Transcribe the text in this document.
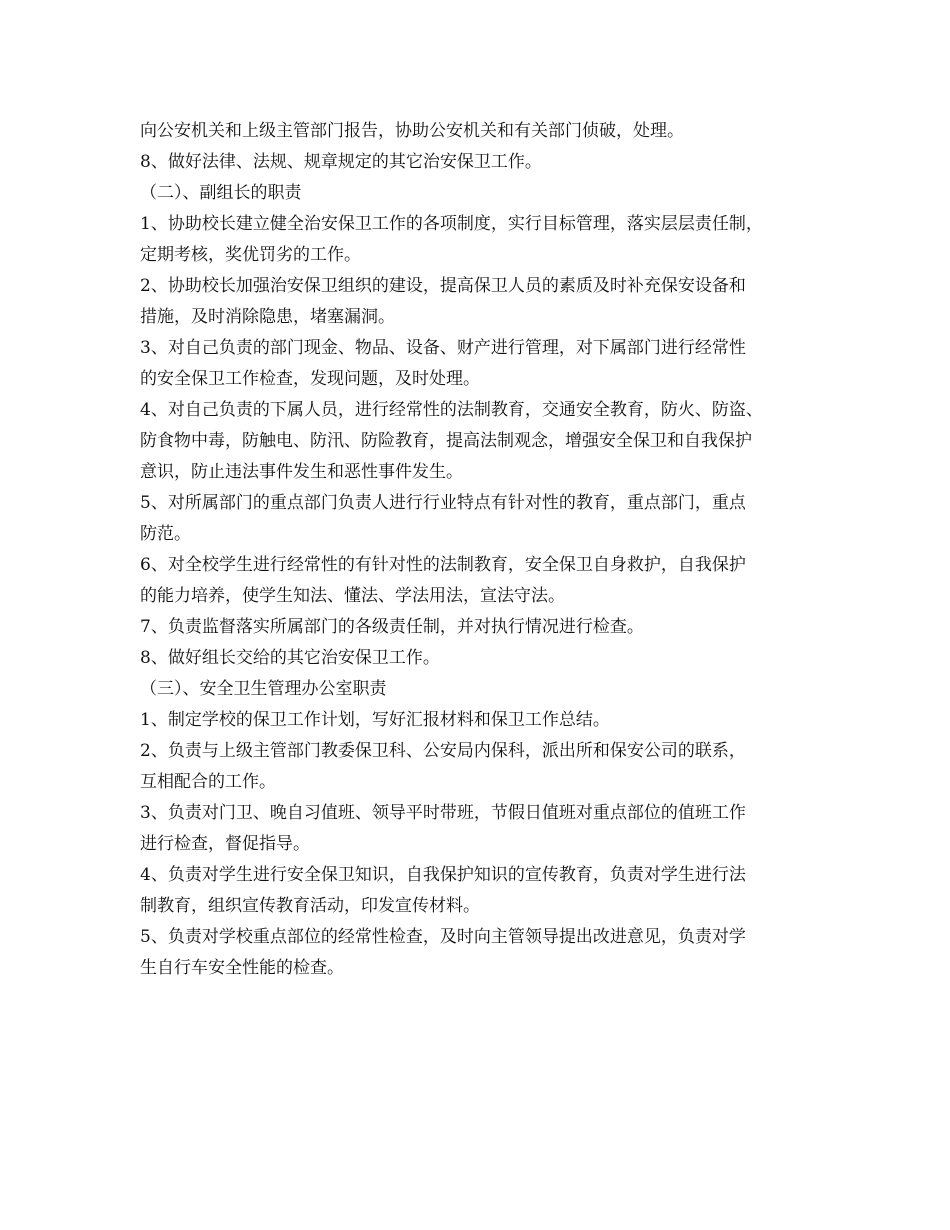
向公安机关和上级主管部门报告，协助公安机关和有关部门侦破，处理。
8、做好法律、法规、规章规定的其它治安保卫工作。
（二）、副组长的职责
1、协助校长建立健全治安保卫工作的各项制度，实行目标管理，落实层层责任制，
定期考核，奖优罚劣的工作。
2、协助校长加强治安保卫组织的建设，提高保卫人员的素质及时补充保安设备和
措施，及时消除隐患，堵塞漏洞。
3、对自己负责的部门现金、物品、设备、财产进行管理，对下属部门进行经常性
的安全保卫工作检查，发现问题，及时处理。
4、对自己负责的下属人员，进行经常性的法制教育，交通安全教育，防火、防盗、
防食物中毒，防触电、防汛、防险教育，提高法制观念，增强安全保卫和自我保护
意识，防止违法事件发生和恶性事件发生。
5、对所属部门的重点部门负责人进行行业特点有针对性的教育，重点部门，重点
防范。
6、对全校学生进行经常性的有针对性的法制教育，安全保卫自身救护，自我保护
的能力培养，使学生知法、懂法、学法用法，宣法守法。
7、负责监督落实所属部门的各级责任制，并对执行情况进行检查。
8、做好组长交给的其它治安保卫工作。
（三）、安全卫生管理办公室职责
1、制定学校的保卫工作计划，写好汇报材料和保卫工作总结。
2、负责与上级主管部门教委保卫科、公安局内保科，派出所和保安公司的联系，
互相配合的工作。
3、负责对门卫、晚自习值班、领导平时带班，节假日值班对重点部位的值班工作
进行检查，督促指导。
4、负责对学生进行安全保卫知识，自我保护知识的宣传教育，负责对学生进行法
制教育，组织宣传教育活动，印发宣传材料。
5、负责对学校重点部位的经常性检查，及时向主管领导提出改进意见，负责对学
生自行车安全性能的检查。
